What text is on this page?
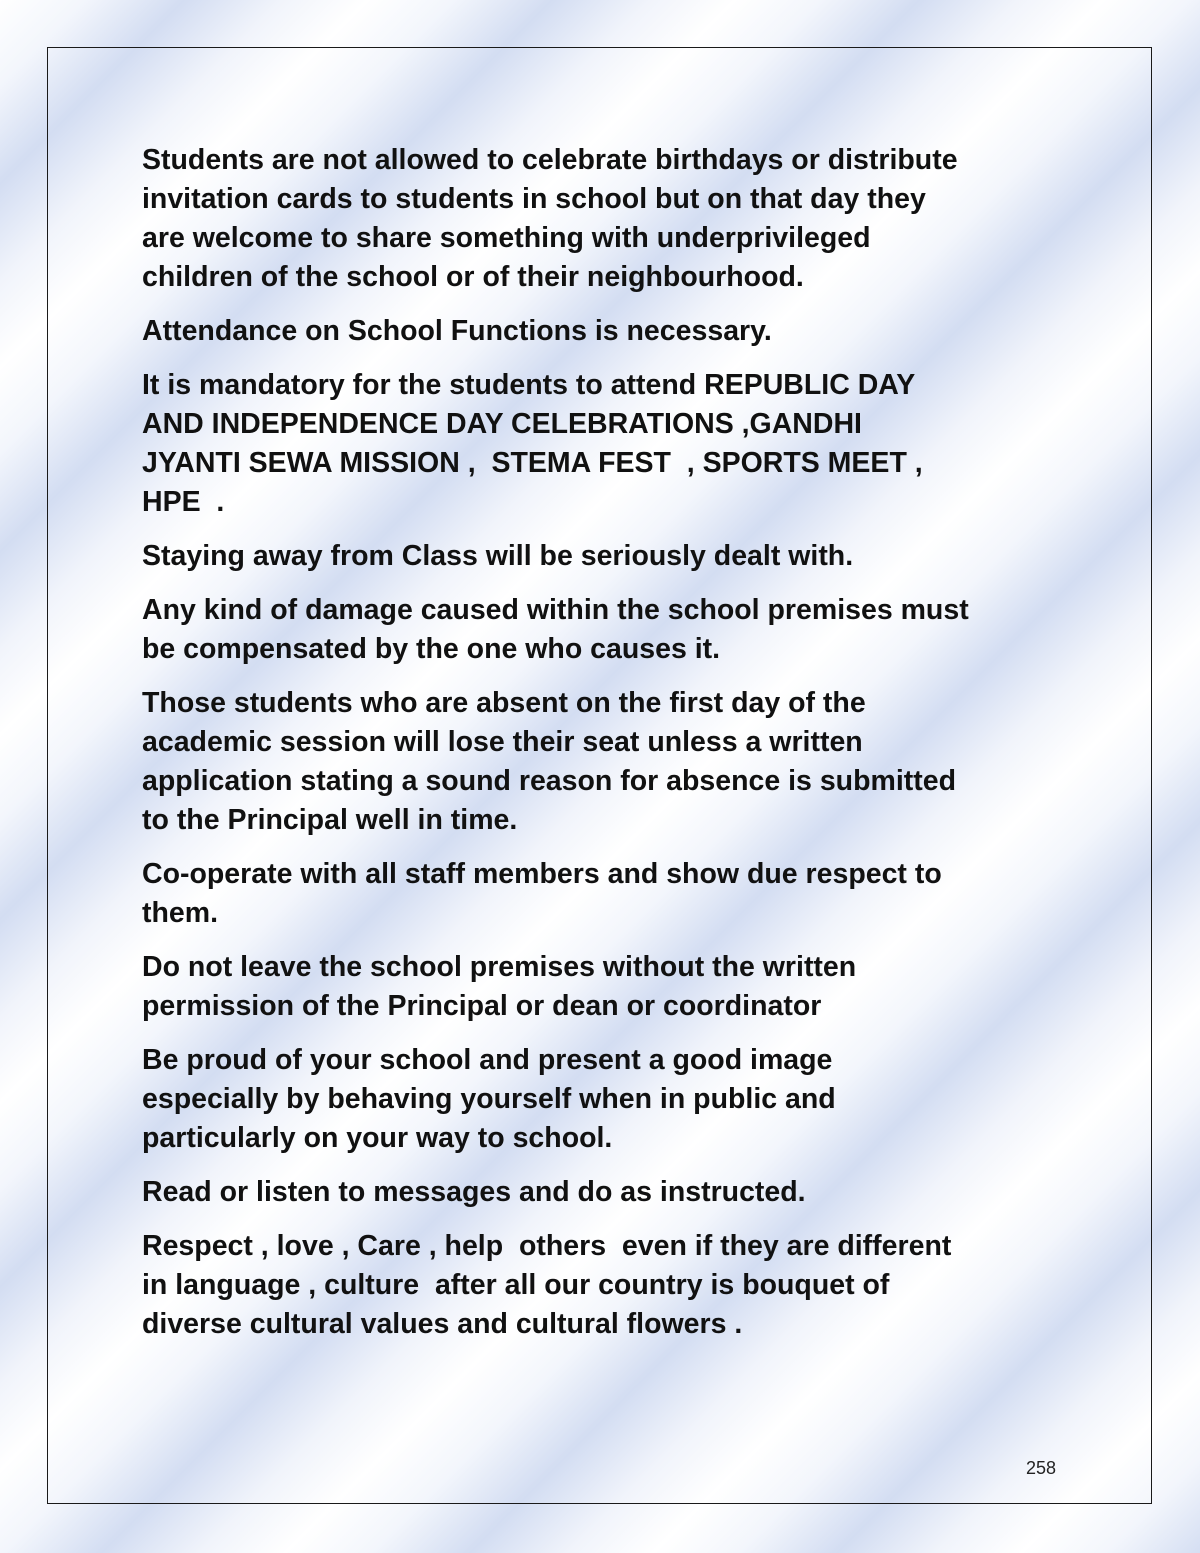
Students are not allowed to celebrate birthdays or distribute
invitation cards to students in school but on that day they
are welcome to share something with underprivileged
children of the school or of their neighbourhood.

Attendance on School Functions is necessary.

It is mandatory for the students to attend REPUBLIC DAY
AND INDEPENDENCE DAY CELEBRATIONS ,GANDHI
JYANTI SEWA MISSION ,  STEMA FEST  , SPORTS MEET ,
HPE  .

Staying away from Class will be seriously dealt with.

Any kind of damage caused within the school premises must
be compensated by the one who causes it.

Those students who are absent on the first day of the
academic session will lose their seat unless a written
application stating a sound reason for absence is submitted
to the Principal well in time.

Co-operate with all staff members and show due respect to
them.

Do not leave the school premises without the written
permission of the Principal or dean or coordinator

Be proud of your school and present a good image
especially by behaving yourself when in public and
particularly on your way to school.

Read or listen to messages and do as instructed.

Respect , love , Care , help  others  even if they are different
in language , culture  after all our country is bouquet of
diverse cultural values and cultural flowers .

258
